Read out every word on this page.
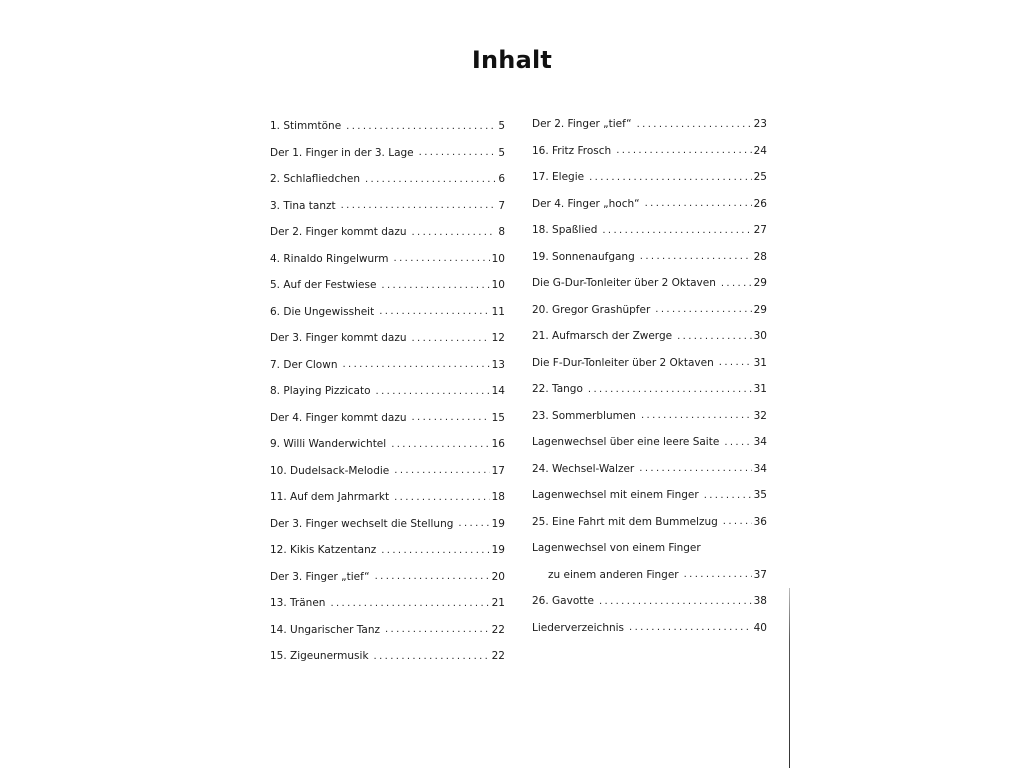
Inhalt
1. Stimmtöne . . .	5
Der 1. Finger in der 3. Lage . . .	5
2. Schlafliedchen . . .	6
3. Tina tanzt . . .	7
Der 2. Finger kommt dazu . . .	8
4. Rinaldo Ringelwurm . . .	10
5. Auf der Festwiese . . .	10
6. Die Ungewissheit . . .	11
Der 3. Finger kommt dazu . . .	12
7. Der Clown . . .	13
8. Playing Pizzicato . . .	14
Der 4. Finger kommt dazu . . .	15
9. Willi Wanderwichtel . . .	16
10. Dudelsack-Melodie . . .	17
11. Auf dem Jahrmarkt . . .	18
Der 3. Finger wechselt die Stellung . . .	19
12. Kikis Katzentanz . . .	19
Der 3. Finger „tief“ . . .	20
13. Tränen . . .	21
14. Ungarischer Tanz . . .	22
15. Zigeunermusik . . .	22
Der 2. Finger „tief“ . . .	23
16. Fritz Frosch . . .	24
17. Elegie . . .	25
Der 4. Finger „hoch“ . . .	26
18. Spaßlied . . .	27
19. Sonnenaufgang . . .	28
Die G-Dur-Tonleiter über 2 Oktaven . . .	29
20. Gregor Grashüpfer . . .	29
21. Aufmarsch der Zwerge . . .	30
Die F-Dur-Tonleiter über 2 Oktaven . . .	31
22. Tango . . .	31
23. Sommerblumen . . .	32
Lagenwechsel über eine leere Saite . . .	34
24. Wechsel-Walzer . . .	34
Lagenwechsel mit einem Finger . . .	35
25. Eine Fahrt mit dem Bummelzug . . .	36
Lagenwechsel von einem Finger
zu einem anderen Finger . . .	37
26. Gavotte . . .	38
Liederverzeichnis . . .	40
